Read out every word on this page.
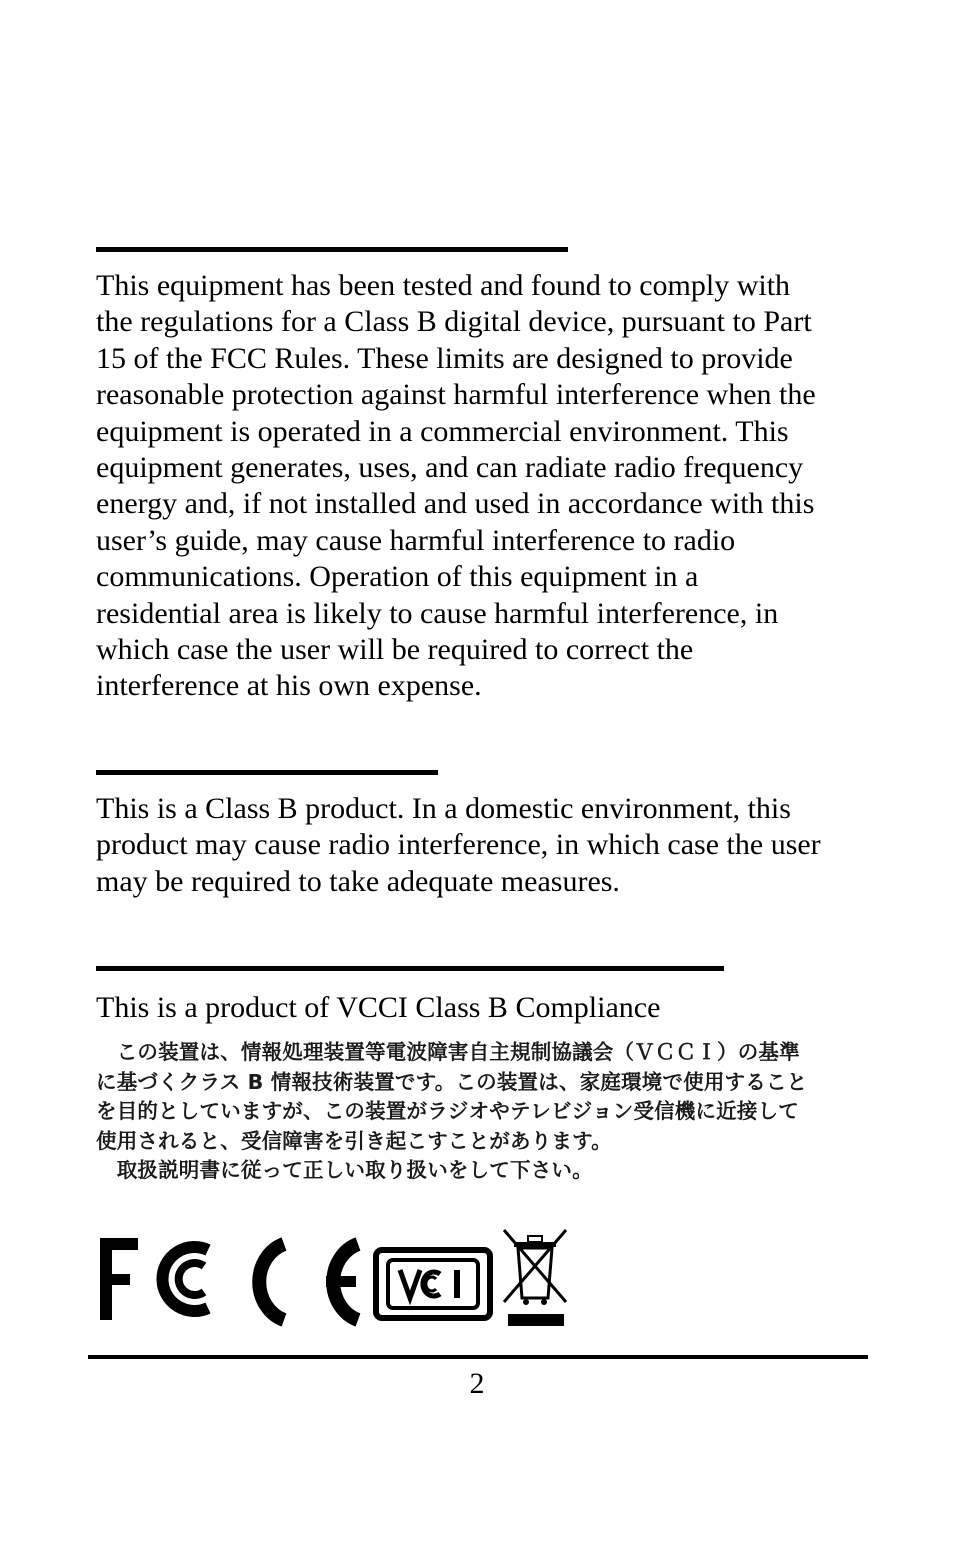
This equipment has been tested and found to comply with
the regulations for a Class B digital device, pursuant to Part
15 of the FCC Rules. These limits are designed to provide
reasonable protection against harmful interference when the
equipment is operated in a commercial environment. This
equipment generates, uses, and can radiate radio frequency
energy and, if not installed and used in accordance with this
user’s guide, may cause harmful interference to radio
communications. Operation of this equipment in a
residential area is likely to cause harmful interference, in
which case the user will be required to correct the
interference at his own expense.
This is a Class B product. In a domestic environment, this
product may cause radio interference, in which case the user
may be required to take adequate measures.
This is a product of VCCI Class B Compliance
　この装置は、情報処理装置等電波障害自主規制協議会（ＶＣＣＩ）の基準
に基づくクラス B 情報技術装置です。この装置は、家庭環境で使用すること
を目的としていますが、この装置がラジオやテレビジョン受信機に近接して
使用されると、受信障害を引き起こすことがあります。
　取扱説明書に従って正しい取り扱いをして下さい。
2
